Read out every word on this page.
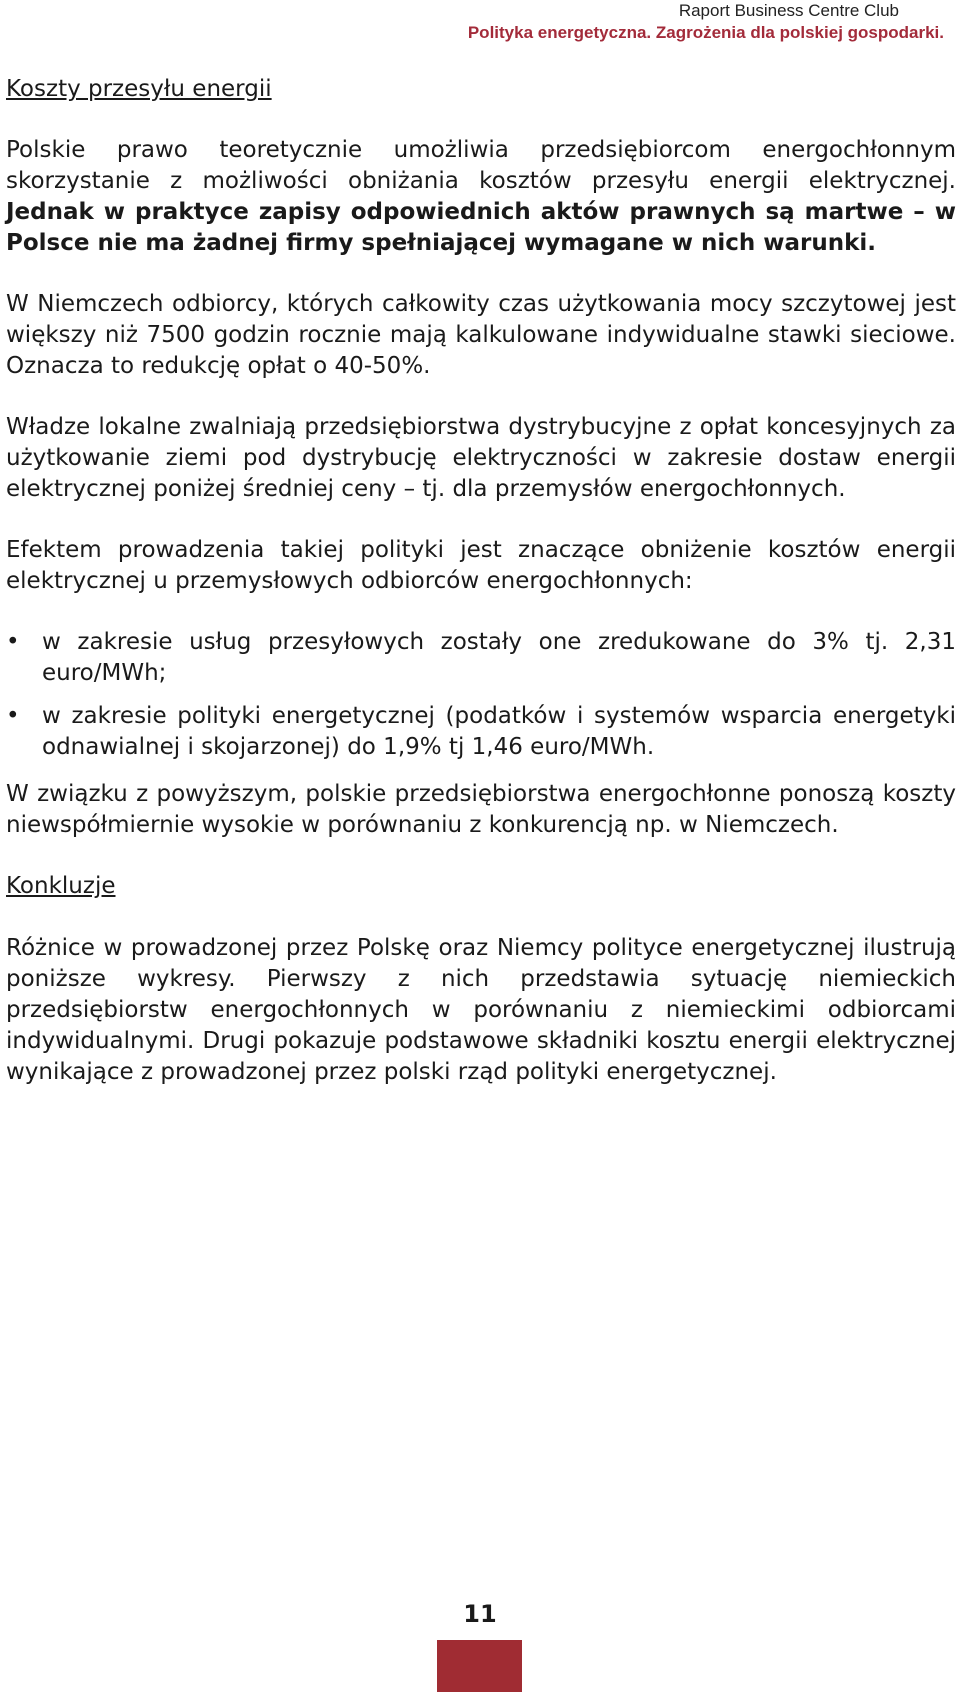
Raport Business Centre Club
Polityka energetyczna. Zagrożenia dla polskiej gospodarki.
Koszty przesyłu energii

Polskie prawo teoretycznie umożliwia przedsiębiorcom energochłonnym skorzystanie z możliwości obniżania kosztów przesyłu energii elektrycznej. Jednak w praktyce zapisy odpowiednich aktów prawnych są martwe – w Polsce nie ma żadnej firmy spełniającej wymagane w nich warunki.

W Niemczech odbiorcy, których całkowity czas użytkowania mocy szczytowej jest większy niż 7500 godzin rocznie mają kalkulowane indywidualne stawki sieciowe. Oznacza to redukcję opłat o 40-50%.

Władze lokalne zwalniają przedsiębiorstwa dystrybucyjne z opłat koncesyjnych za użytkowanie ziemi pod dystrybucję elektryczności w zakresie dostaw energii elektrycznej poniżej średniej ceny – tj. dla przemysłów energochłonnych.

Efektem prowadzenia takiej polityki jest znaczące obniżenie kosztów energii elektrycznej u przemysłowych odbiorców energochłonnych:

• w zakresie usług przesyłowych zostały one zredukowane do 3% tj. 2,31 euro/MWh;
• w zakresie polityki energetycznej (podatków i systemów wsparcia energetyki odnawialnej i skojarzonej) do 1,9% tj 1,46 euro/MWh.

W związku z powyższym, polskie przedsiębiorstwa energochłonne ponoszą koszty niewspółmiernie wysokie w porównaniu z konkurencją np. w Niemczech.

Konkluzje

Różnice w prowadzonej przez Polskę oraz Niemcy polityce energetycznej ilustrują poniższe wykresy. Pierwszy z nich przedstawia sytuację niemieckich przedsiębiorstw energochłonnych w porównaniu z niemieckimi odbiorcami indywidualnymi. Drugi pokazuje podstawowe składniki kosztu energii elektrycznej wynikające z prowadzonej przez polski rząd polityki energetycznej.

11
